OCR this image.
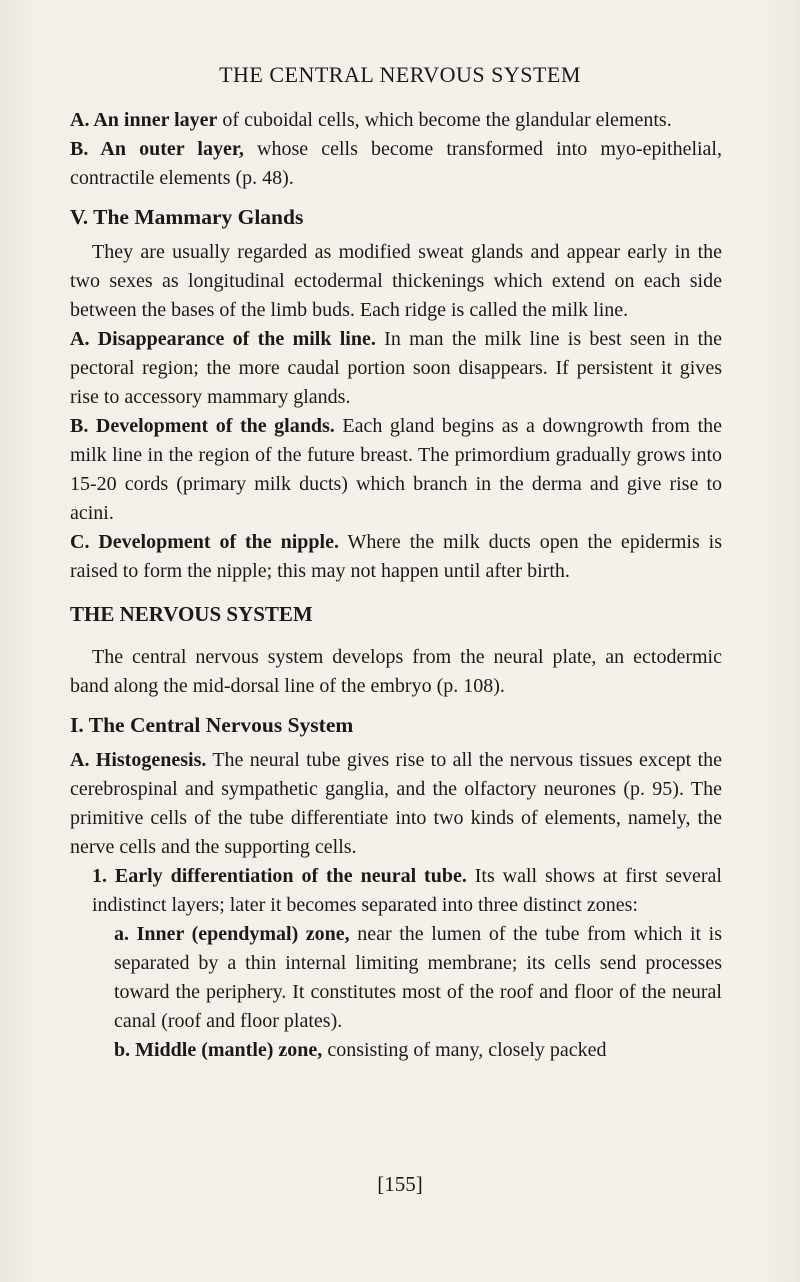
THE CENTRAL NERVOUS SYSTEM

A. An inner layer of cuboidal cells, which become the glandular elements.

B. An outer layer, whose cells become transformed into myo-epithelial, contractile elements (p. 48).

V. The Mammary Glands

They are usually regarded as modified sweat glands and appear early in the two sexes as longitudinal ectodermal thickenings which extend on each side between the bases of the limb buds. Each ridge is called the milk line.

A. Disappearance of the milk line. In man the milk line is best seen in the pectoral region; the more caudal portion soon disappears. If persistent it gives rise to accessory mammary glands.

B. Development of the glands. Each gland begins as a downgrowth from the milk line in the region of the future breast. The primordium gradually grows into 15-20 cords (primary milk ducts) which branch in the derma and give rise to acini.

C. Development of the nipple. Where the milk ducts open the epidermis is raised to form the nipple; this may not happen until after birth.

THE NERVOUS SYSTEM

The central nervous system develops from the neural plate, an ectodermic band along the mid-dorsal line of the embryo (p. 108).

I. The Central Nervous System

A. Histogenesis. The neural tube gives rise to all the nervous tissues except the cerebrospinal and sympathetic ganglia, and the olfactory neurones (p. 95). The primitive cells of the tube differentiate into two kinds of elements, namely, the nerve cells and the supporting cells.

1. Early differentiation of the neural tube. Its wall shows at first several indistinct layers; later it becomes separated into three distinct zones:

a. Inner (ependymal) zone, near the lumen of the tube from which it is separated by a thin internal limiting membrane; its cells send processes toward the periphery. It constitutes most of the roof and floor of the neural canal (roof and floor plates).

b. Middle (mantle) zone, consisting of many, closely packed

[155]
